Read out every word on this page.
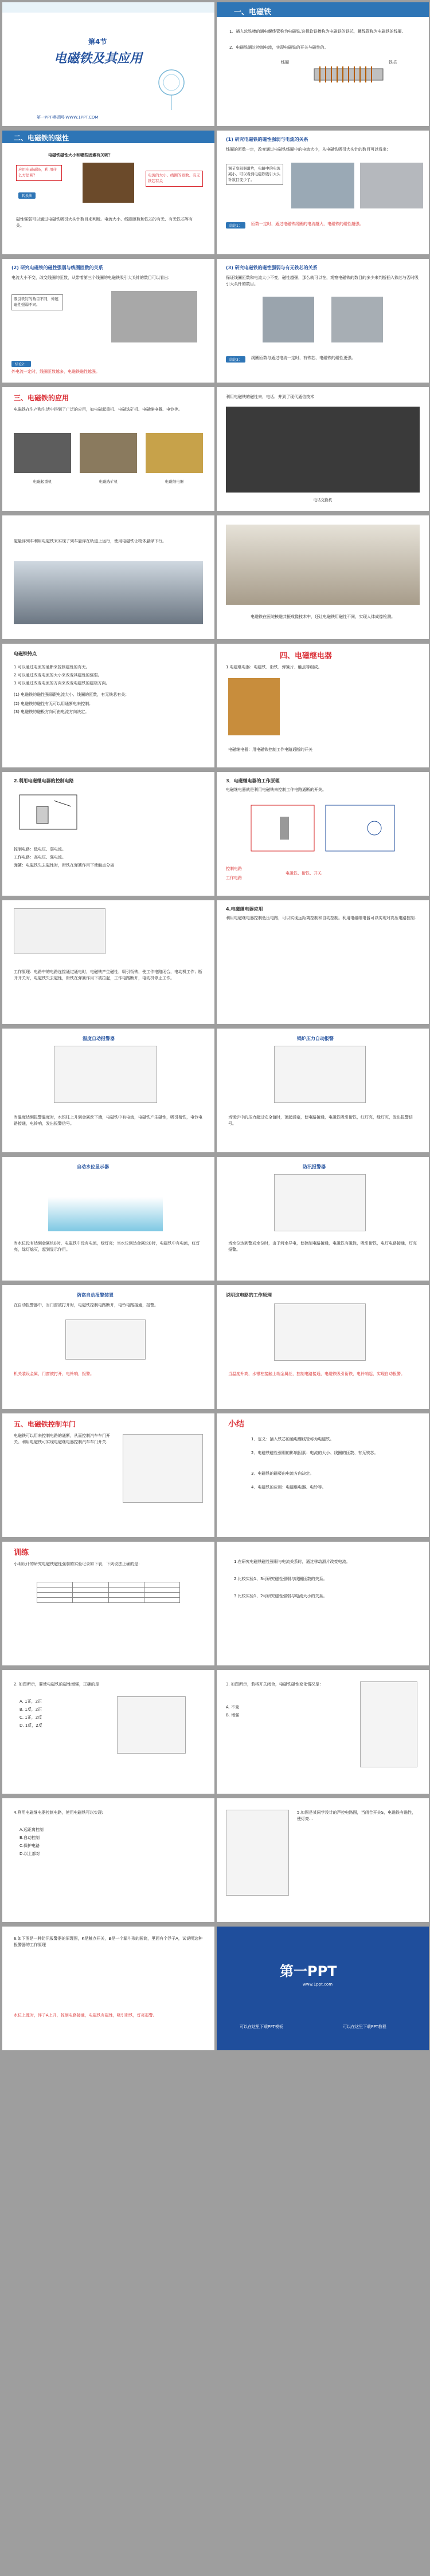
第4节
电磁铁及其应用
第一PPT模板网-WWW.1PPT.COM
一、电磁铁
1．插入软铁棒的通电螺线管称为电磁铁.这根软铁棒称为电磁铁的铁芯，螺线管称为电磁铁的线圈.
2．电磁铁通过控制电流，实现电磁铁的开关与磁性的。
线圈	铁芯
二、电磁铁的磁性
电磁铁磁性大小和哪些因素有关呢？
应用电磁磁场，利 用什么方法呢？
转换法
电流的大小、线圈的匝数、有无铁芯有关
磁性强弱可以通过电磁铁吸引大头针数目来判断。电流大小、线圈匝数和铁芯的有无、有无铁芯等有关。
(1) 研究电磁铁的磁性强弱与电流的关系
线圈的匝数一定，改变通过电磁铁线圈中的电流大小，从电磁铁吸引大头针的数目可以看出：
调节变阻器滑片，电路中的电流减小，可以看到电磁铁吸引大头针数目变少了。
结论1：	匝数一定时，通过电磁铁线圈的电流越大，电磁铁的磁性越强。
(2) 研究电磁铁的磁性强弱与线圈匝数的关系
电流大小不变，改变线圈的匝数，从带着第三个线圈的电磁铁吸引大头针的数目可以看出：
吸引铁钉的数目不同，伸展磁性强弱不同。
结论2：
外电流一定时，线圈匝数越多，电磁铁磁性越强。
(3) 研究电磁铁的磁性强弱与有无铁芯的关系
保证线圈匝数和电流大小不变，磁性越强，那么就可以在，观察电磁铁的数目的多少来判断插入铁芯与否时吸引大头针的数目。
结论3：	线圈匝数与通过电流一定时，有铁芯，电磁铁的磁性更强。
三、电磁铁的应用
电磁铁在生产和生活中得到了广泛的应用，如电磁起重机、电磁选矿机、电磁继电器、电铃等。
电磁起重机	电磁选矿机	电磁继电器
利用电磁铁的磁性来，电话、并到了现代通信技术
电话交换机
磁悬浮列车利用电磁铁来实现了列车悬浮在轨道上运行，使用电磁铁让物体悬浮下行。
电磁铁在医院核磁共振成像技术中，还让电磁铁用磁性不同，实现人体成像检测。
电磁铁特点
1.可以通过电流的通断来控制磁性的有无。
2.可以通过改变电流的大小来改变其磁性的强弱。
3.可以通过改变电流的方向来改变电磁铁的磁极方向。
(1) 电磁铁的磁性强弱跟电流大小、线圈的匝数，有无铁芯有关；
(2) 电磁铁的磁性有无可以用通断电来控制；
(3) 电磁铁的磁极方向可由电流方向决定。
四、电磁继电器
1.电磁继电器：电磁铁、衔铁、弹簧片、触点等组成。
电磁继电器：用电磁铁控制工作电路通断的开关
2.利用电磁继电器的控制电路
控制电路：低电压、弱电流。
工作电路：高电压、强电流。
弹簧：电磁铁失去磁性时，衔铁在弹簧作用下使触点分离
3．电磁继电器的工作原理
电磁继电器就是利用电磁铁来控制工作电路通断的开关。
控制电路
工作电路
电磁铁、衔铁、开关
工作原理：电路中的电路连接通过通电时，电磁铁产生磁性，吸引衔铁，使工作电路闭合，电动机工作；断开开关时，电磁铁失去磁性，衔铁在弹簧作用下被拉起，工作电路断开，电动机停止工作。
4.电磁继电器应用
利用电磁继电器控制低压电路，可以实现远距离控制和自动控制。利用电磁继电器可以实现对高压电路控制.
温度自动报警器
当温度达到报警温度时，水银柱上升到金属丝下端，电磁铁中有电流，电磁铁产生磁性，吸引衔铁，电铃电路接通，电铃响，发出报警信号。
锅炉压力自动报警
当锅炉中的压力超过安全值时，顶起活塞，使电路接通，电磁铁吸引衔铁，红灯亮，绿灯灭，发出报警信号。
自动水位显示器
当水位没有达到金属块B时，电磁铁中没有电流，绿灯亮；当水位到达金属块B时，电磁铁中有电流，红灯亮，绿灯熄灭，起到显示作用。
防汛报警器
当水位达到警戒水位时，由于河水导电，使控制电路接通，电磁铁有磁性，吸引衔铁，电灯电路接通，灯亮报警。
防盗自动报警装置
在自动报警器中，当门窗被打开时，电磁铁控制电路断开，电铃电路接通，报警。
机关装设金属，门窗被打开，电铃响，报警。
说明这电路的工作原理
当温度升高，水银柱接触上端金属丝，控制电路接通，电磁铁吸引衔铁，电铃响起，实现自动报警。
五、电磁铁控制车门
电磁铁可以用来控制电路的通断，从而控制汽车车门开关。利用电磁铁可实现电磁继电器控制汽车车门开关.
小结
1．定义：插入铁芯的通电螺线管称为电磁铁。
2．电磁铁磁性强弱的影响因素：电流的大小、线圈的匝数、有无铁芯。
3．电磁铁的磁极由电流方向决定。
4．电磁铁的应用：电磁继电器、电铃等。
训练
小明设计的研究电磁铁磁性强弱的实验记录如下表，下列说法正确的是：

				1.在研究电磁铁磁性强弱与电流关系时，通过移动滑片改变电流。
2.比较实验1、3可研究磁性强弱与线圈匝数的关系。
3.比较实验1、2可研究磁性强弱与电流大小的关系。
2. 如图所示，要使电磁铁的磁性增强，正确的是
A. 1正，2正
B. 1反，2正
C. 1正，2反
D. 1反，2反
3. 如图所示，若将开关闭合，电磁铁磁性变化情况是：
A. 不变
B. 增强
4.利用电磁继电器控制电路，使用电磁铁可以实现:
A.远距离控制
B.自动控制
C.保护电路
D.以上都对
5.如图是某同学设计的声控电路图，当闭合开关S，电磁铁有磁性，使灯亮...
6.如下图是一种防汛报警器的原理图，K是触点开关，B是一个漏斗形的圆筒，里面有个浮子A，试说明这种报警器的工作原理
水位上涨时，浮子A上升，控制电路接通，电磁铁有磁性，吸引衔铁，灯亮报警。
第一PPT
www.1ppt.com
可以在这里下载PPT模板	可以在这里下载PPT教程
